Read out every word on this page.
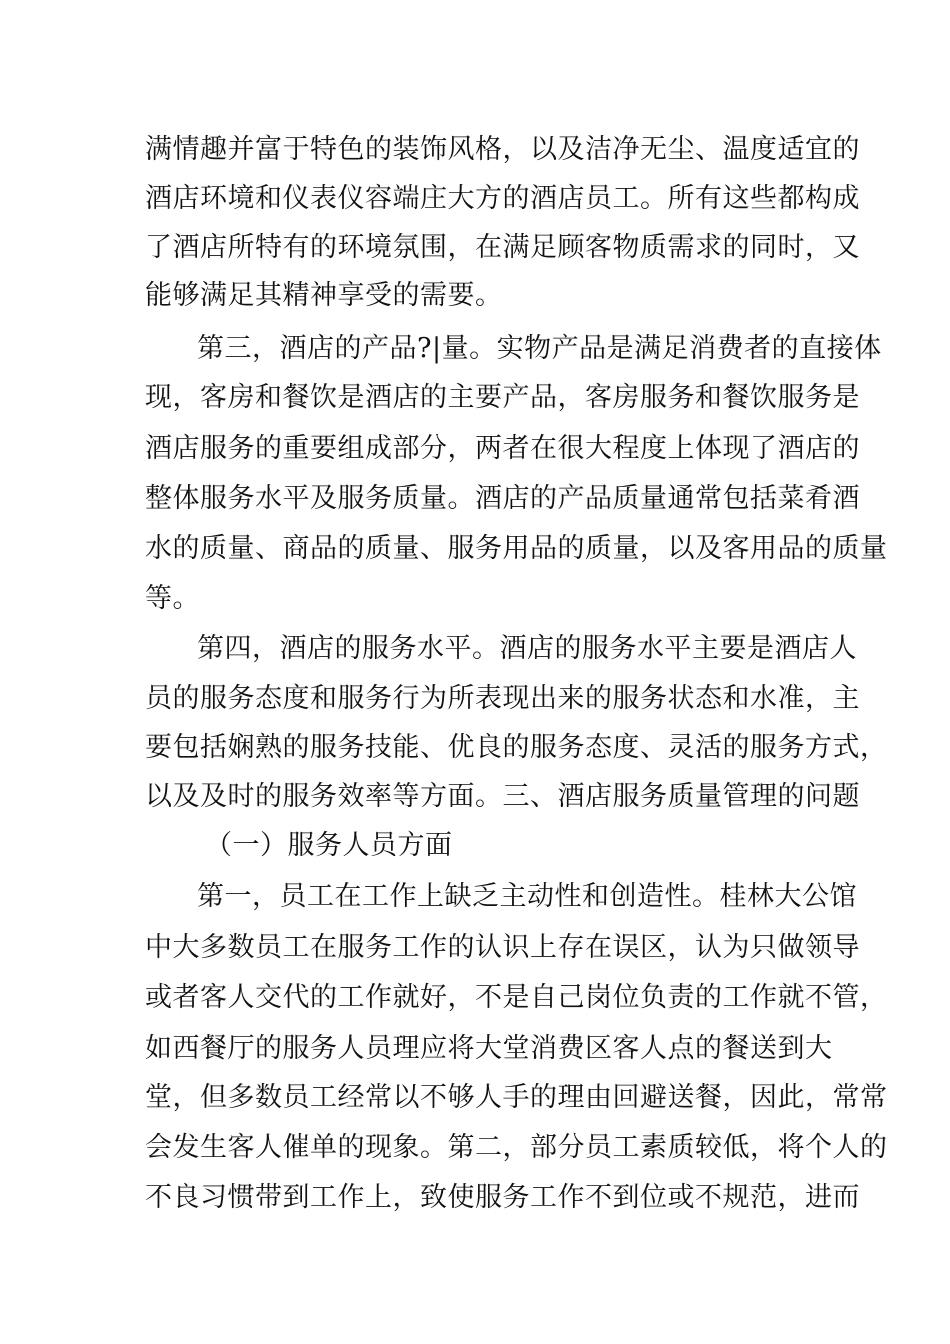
满情趣并富于特色的装饰风格，以及洁净无尘、温度适宜的
酒店环境和仪表仪容端庄大方的酒店员工。所有这些都构成
了酒店所特有的环境氛围，在满足顾客物质需求的同时，又
能够满足其精神享受的需要。
第三，酒店的产品?|量。实物产品是满足消费者的直接体
现，客房和餐饮是酒店的主要产品，客房服务和餐饮服务是
酒店服务的重要组成部分，两者在很大程度上体现了酒店的
整体服务水平及服务质量。酒店的产品质量通常包括菜肴酒
水的质量、商品的质量、服务用品的质量，以及客用品的质量
等。
第四，酒店的服务水平。酒店的服务水平主要是酒店人
员的服务态度和服务行为所表现出来的服务状态和水准，主
要包括娴熟的服务技能、优良的服务态度、灵活的服务方式，
以及及时的服务效率等方面。三、酒店服务质量管理的问题
（一）服务人员方面
第一，员工在工作上缺乏主动性和创造性。桂林大公馆
中大多数员工在服务工作的认识上存在误区，认为只做领导
或者客人交代的工作就好，不是自己岗位负责的工作就不管，
如西餐厅的服务人员理应将大堂消费区客人点的餐送到大
堂，但多数员工经常以不够人手的理由回避送餐，因此，常常
会发生客人催单的现象。第二，部分员工素质较低，将个人的
不良习惯带到工作上，致使服务工作不到位或不规范，进而
